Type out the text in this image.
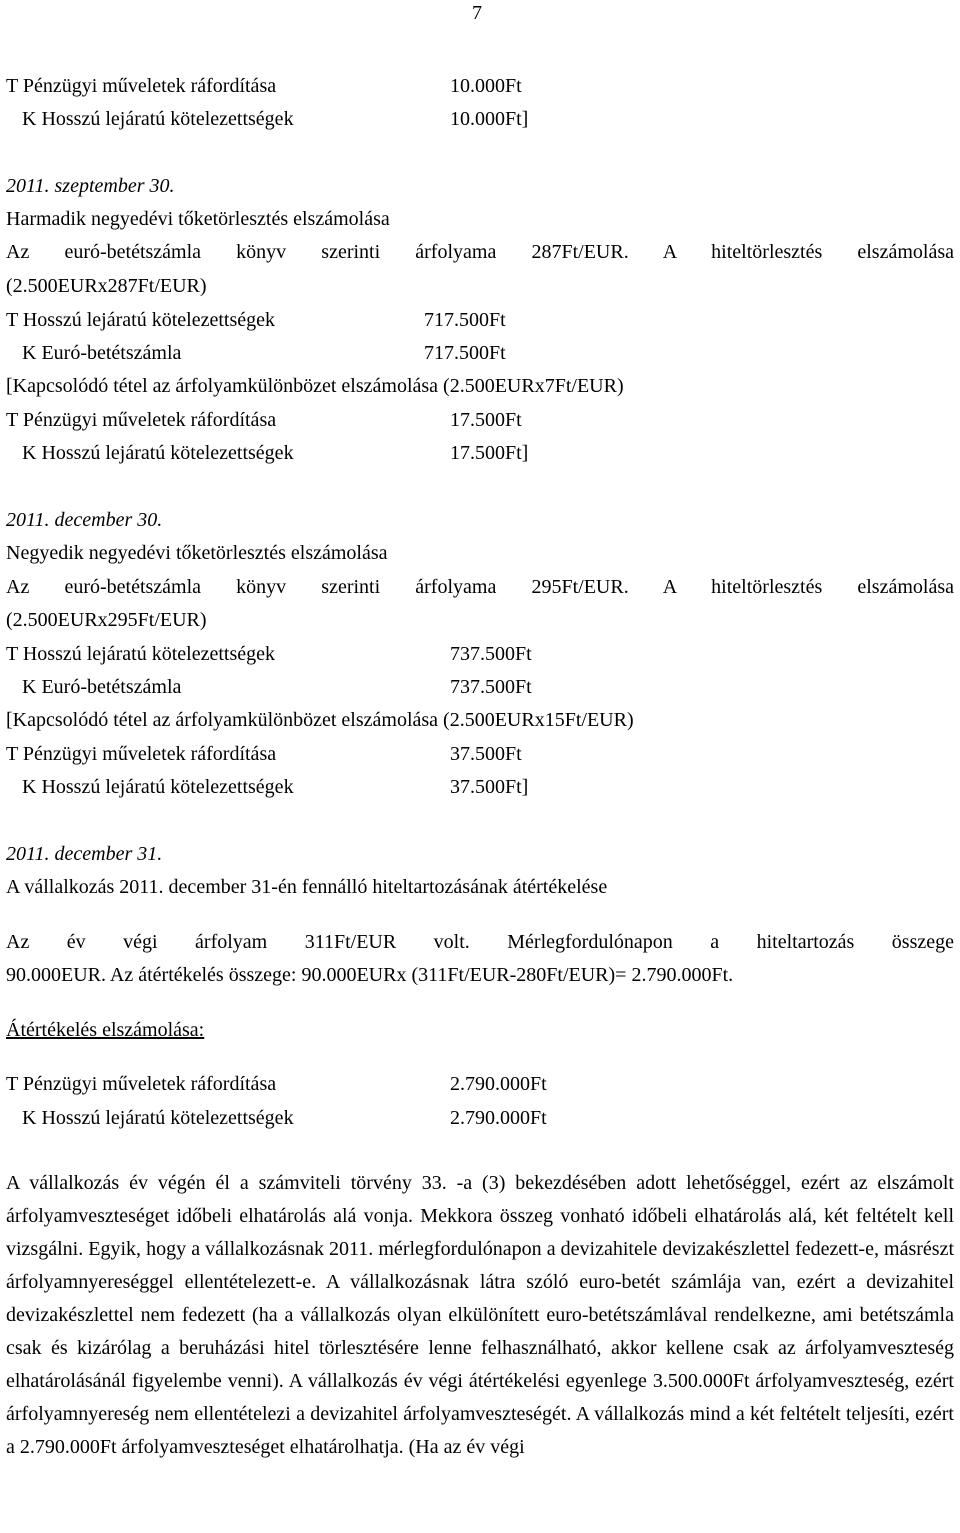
7
T Pénzügyi műveletek ráfordítása	10.000Ft
K Hosszú lejáratú kötelezettségek	10.000Ft]
2011. szeptember 30.
Harmadik negyedévi tőketörlesztés elszámolása
Az euró-betétszámla könyv szerinti árfolyama 287Ft/EUR. A hiteltörlesztés elszámolása
(2.500EURx287Ft/EUR)
T Hosszú lejáratú kötelezettségek	717.500Ft
K Euró-betétszámla	717.500Ft
[Kapcsolódó tétel az árfolyamkülönbözet elszámolása (2.500EURx7Ft/EUR)
T Pénzügyi műveletek ráfordítása	17.500Ft
K Hosszú lejáratú kötelezettségek	17.500Ft]
2011. december 30.
Negyedik negyedévi tőketörlesztés elszámolása
Az euró-betétszámla könyv szerinti árfolyama 295Ft/EUR. A hiteltörlesztés elszámolása
(2.500EURx295Ft/EUR)
T Hosszú lejáratú kötelezettségek	737.500Ft
K Euró-betétszámla	737.500Ft
[Kapcsolódó tétel az árfolyamkülönbözet elszámolása (2.500EURx15Ft/EUR)
T Pénzügyi műveletek ráfordítása	37.500Ft
K Hosszú lejáratú kötelezettségek	37.500Ft]
2011. december 31.
A vállalkozás 2011. december 31-én fennálló hiteltartozásának átértékelése
Az év végi árfolyam 311Ft/EUR volt. Mérlegfordulónapon a hiteltartozás összege
90.000EUR. Az átértékelés összege: 90.000EURx (311Ft/EUR-280Ft/EUR)= 2.790.000Ft.
Átértékelés elszámolása:
T Pénzügyi műveletek ráfordítása	2.790.000Ft
K Hosszú lejáratú kötelezettségek	2.790.000Ft
A vállalkozás év végén él a számviteli törvény 33. -a (3) bekezdésében adott lehetőséggel, ezért az elszámolt árfolyamveszteséget időbeli elhatárolás alá vonja. Mekkora összeg vonható időbeli elhatárolás alá, két feltételt kell vizsgálni. Egyik, hogy a vállalkozásnak 2011. mérlegfordulónapon a devizahitele devizakészlettel fedezett-e, másrészt árfolyamnyereséggel ellentételezett-e. A vállalkozásnak látra szóló euro-betét számlája van, ezért a devizahitel devizakészlettel nem fedezett (ha a vállalkozás olyan elkülönített euro-betétszámlával rendelkezne, ami betétszámla csak és kizárólag a beruházási hitel törlesztésére lenne felhasználható, akkor kellene csak az árfolyamveszteség elhatárolásánál figyelembe venni). A vállalkozás év végi átértékelési egyenlege 3.500.000Ft árfolyamveszteség, ezért árfolyamnyereség nem ellentételezi a devizahitel árfolyamveszteségét. A vállalkozás mind a két feltételt teljesíti, ezért a 2.790.000Ft árfolyamveszteséget elhatárolhatja. (Ha az év végi
